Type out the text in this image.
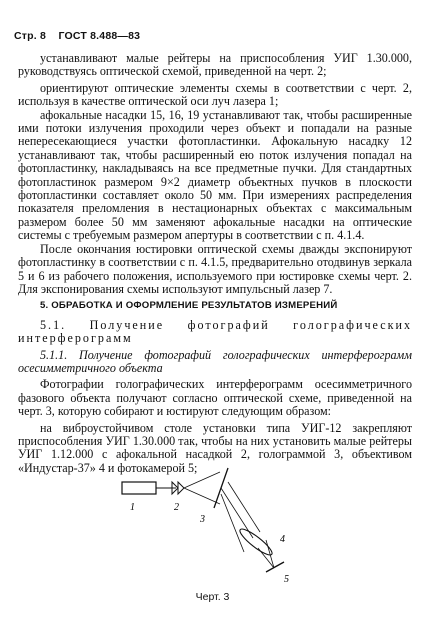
Стр. 8 ГОСТ 8.488—83

устанавливают малые рейтеры на приспособления УИГ 1.30.000, руководствуясь оптической схемой, приведенной на черт. 2;

ориентируют оптические элементы схемы в соответствии с черт. 2, используя в качестве оптической оси луч лазера 1;

афокальные насадки 15, 16, 19 устанавливают так, чтобы расширенные ими потоки излучения проходили через объект и попадали на разные непересекающиеся участки фотопластинки. Афокальную насадку 12 устанавливают так, чтобы расширенный ею поток излучения попадал на фотопластинку, накладываясь на все предметные пучки. Для стандартных фотопластинок размером 9×2 диаметр объектных пучков в плоскости фотопластинки составляет около 50 мм. При измерениях распределения показателя преломления в нестационарных объектах с максимальным размером более 50 мм заменяют афокальные насадки на оптические системы с требуемым размером апертуры в соответствии с п. 4.1.4.

После окончания юстировки оптической схемы дважды экспонируют фотопластинку в соответствии с п. 4.1.5, предварительно отодвинув зеркала 5 и 6 из рабочего положения, используемого при юстировке схемы черт. 2. Для экспонирования схемы используют импульсный лазер 7.

5. ОБРАБОТКА И ОФОРМЛЕНИЕ РЕЗУЛЬТАТОВ ИЗМЕРЕНИЙ

5.1. Получение фотографий голографических интерферограмм

5.1.1. Получение фотографий голографических интерферограмм осесимметричного объекта

Фотографии голографических интерферограмм осесимметричного фазового объекта получают согласно оптической схеме, приведенной на черт. 3, которую собирают и юстируют следующим образом:

на виброустойчивом столе установки типа УИГ-12 закрепляют приспособления УИГ 1.30.000 так, чтобы на них установить малые рейтеры УИГ 1.12.000 с афокальной насадкой 2, голограммой 3, объективом «Индустар-37» 4 и фотокамерой 5;

1	2
3
4
5
Черт. 3
